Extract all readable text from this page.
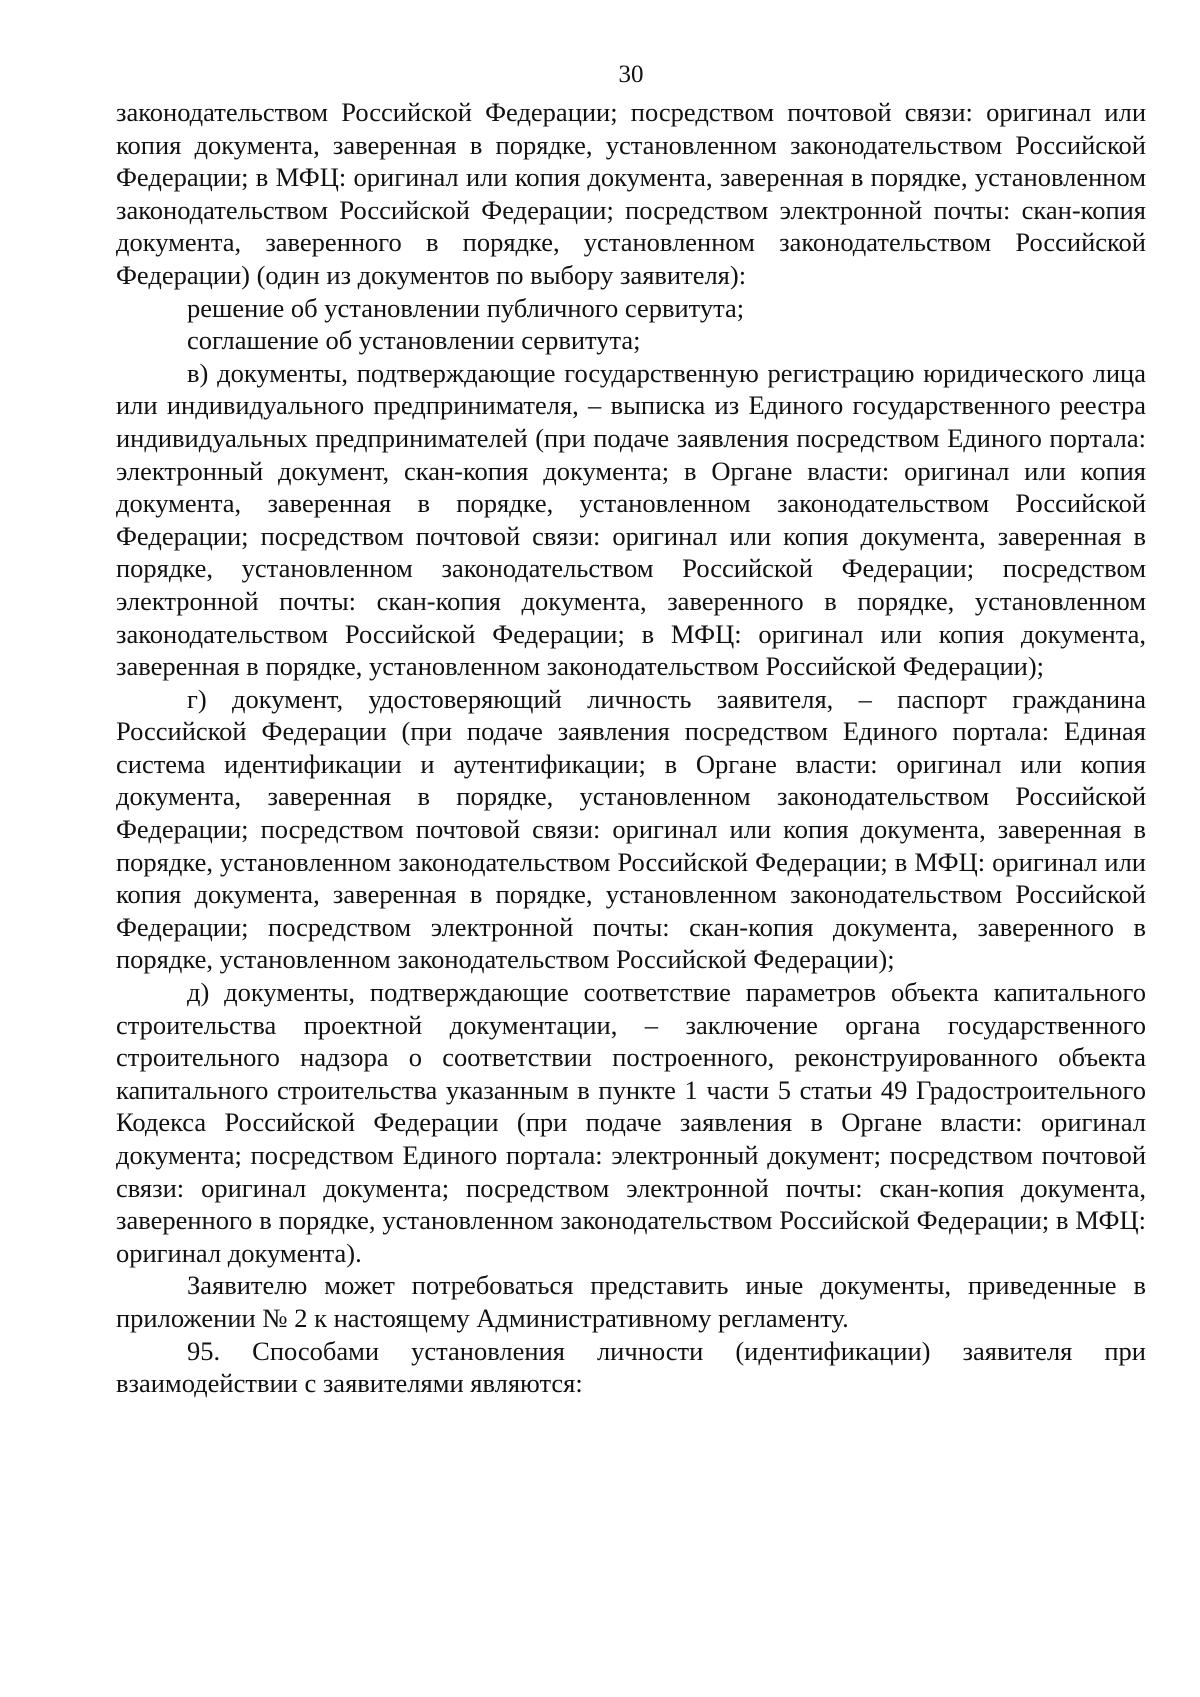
30

законодательством Российской Федерации; посредством почтовой связи: оригинал или копия документа, заверенная в порядке, установленном законодательством Российской Федерации; в МФЦ: оригинал или копия документа, заверенная в порядке, установленном законодательством Российской Федерации; посредством электронной почты: скан-копия документа, заверенного в порядке, установленном законодательством Российской Федерации) (один из документов по выбору заявителя):

решение об установлении публичного сервитута;

соглашение об установлении сервитута;

в) документы, подтверждающие государственную регистрацию юридического лица или индивидуального предпринимателя, – выписка из Единого государственного реестра индивидуальных предпринимателей (при подаче заявления посредством Единого портала: электронный документ, скан-копия документа; в Органе власти: оригинал или копия документа, заверенная в порядке, установленном законодательством Российской Федерации; посредством почтовой связи: оригинал или копия документа, заверенная в порядке, установленном законодательством Российской Федерации; посредством электронной почты: скан-копия документа, заверенного в порядке, установленном законодательством Российской Федерации; в МФЦ: оригинал или копия документа, заверенная в порядке, установленном законодательством Российской Федерации);

г) документ, удостоверяющий личность заявителя, – паспорт гражданина Российской Федерации (при подаче заявления посредством Единого портала: Единая система идентификации и аутентификации; в Органе власти: оригинал или копия документа, заверенная в порядке, установленном законодательством Российской Федерации; посредством почтовой связи: оригинал или копия документа, заверенная в порядке, установленном законодательством Российской Федерации; в МФЦ: оригинал или копия документа, заверенная в порядке, установленном законодательством Российской Федерации; посредством электронной почты: скан-копия документа, заверенного в порядке, установленном законодательством Российской Федерации);

д) документы, подтверждающие соответствие параметров объекта капитального строительства проектной документации, – заключение органа государственного строительного надзора о соответствии построенного, реконструированного объекта капитального строительства указанным в пункте 1 части 5 статьи 49 Градостроительного Кодекса Российской Федерации (при подаче заявления в Органе власти: оригинал документа; посредством Единого портала: электронный документ; посредством почтовой связи: оригинал документа; посредством электронной почты: скан-копия документа, заверенного в порядке, установленном законодательством Российской Федерации; в МФЦ: оригинал документа).

Заявителю может потребоваться представить иные документы, приведенные в приложении № 2 к настоящему Административному регламенту.

95. Способами установления личности (идентификации) заявителя при взаимодействии с заявителями являются:
